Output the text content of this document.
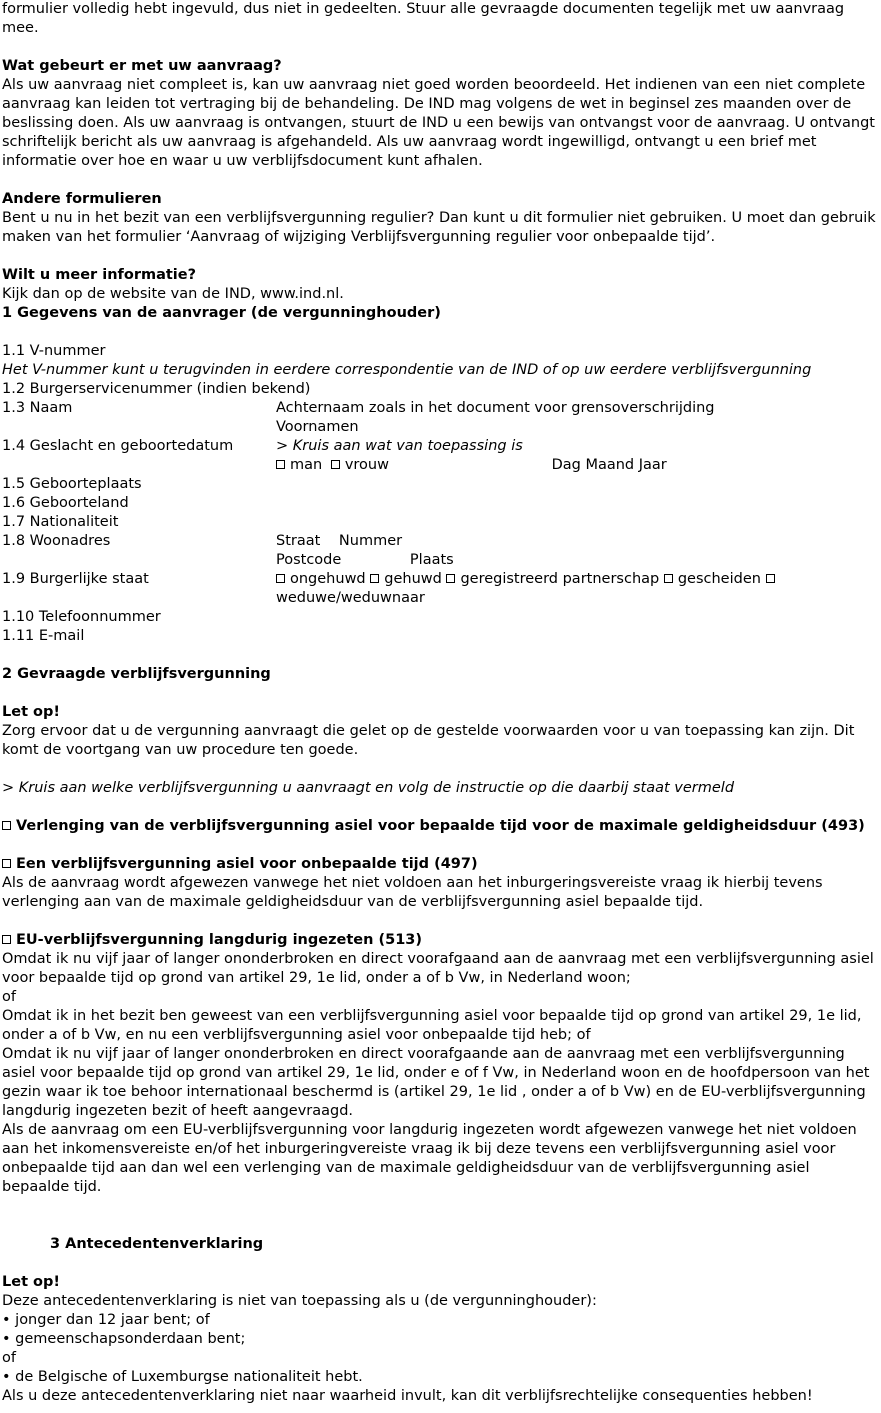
formulier volledig hebt ingevuld, dus niet in gedeelten. Stuur alle gevraagde documenten tegelijk met uw aanvraag mee.

Wat gebeurt er met uw aanvraag?

Als uw aanvraag niet compleet is, kan uw aanvraag niet goed worden beoordeeld. Het indienen van een niet complete aanvraag kan leiden tot vertraging bij de behandeling. De IND mag volgens de wet in beginsel zes maanden over de beslissing doen. Als uw aanvraag is ontvangen, stuurt de IND u een bewijs van ontvangst voor de aanvraag. U ontvangt schriftelijk bericht als uw aanvraag is afgehandeld. Als uw aanvraag wordt ingewilligd, ontvangt u een brief met informatie over hoe en waar u uw verblijfsdocument kunt afhalen.

Andere formulieren

Bent u nu in het bezit van een verblijfsvergunning regulier? Dan kunt u dit formulier niet gebruiken. U moet dan gebruik maken van het formulier ‘Aanvraag of wijziging Verblijfsvergunning regulier voor onbepaalde tijd’.

Wilt u meer informatie?

Kijk dan op de website van de IND, www.ind.nl.

1 Gegevens van de aanvrager (de vergunninghouder)

1.1 V-nummer

Het V-nummer kunt u terugvinden in eerdere correspondentie van de IND of op uw eerdere verblijfsvergunning

1.2 Burgerservicenummer (indien bekend)

1.3 Naam	Achternaam zoals in het document voor grensoverschrijding
Voornamen
1.4 Geslacht en geboortedatum	> Kruis aan wat van toepassing is
man vrouw	Dag Maand Jaar

1.5 Geboorteplaats

1.6 Geboorteland

1.7 Nationaliteit

1.8 Woonadres	Straat Nummer
Postcode	Plaats
1.9 Burgerlijke staat	ongehuwd gehuwd geregistreerd partnerschap gescheiden
weduwe/weduwnaar

1.10 Telefoonnummer

1.11 E-mail

2 Gevraagde verblijfsvergunning

Let op!

Zorg ervoor dat u de vergunning aanvraagt die gelet op de gestelde voorwaarden voor u van toepassing kan zijn. Dit komt de voortgang van uw procedure ten goede.

> Kruis aan welke verblijfsvergunning u aanvraagt en volg de instructie op die daarbij staat vermeld

Verlenging van de verblijfsvergunning asiel voor bepaalde tijd voor de maximale geldigheidsduur (493)

Een verblijfsvergunning asiel voor onbepaalde tijd (497)

Als de aanvraag wordt afgewezen vanwege het niet voldoen aan het inburgeringsvereiste vraag ik hierbij tevens verlenging aan van de maximale geldigheidsduur van de verblijfsvergunning asiel bepaalde tijd.

EU-verblijfsvergunning langdurig ingezeten (513)

Omdat ik nu vijf jaar of langer ononderbroken en direct voorafgaand aan de aanvraag met een verblijfsvergunning asiel voor bepaalde tijd op grond van artikel 29, 1e lid, onder a of b Vw, in Nederland woon;
of
Omdat ik in het bezit ben geweest van een verblijfsvergunning asiel voor bepaalde tijd op grond van artikel 29, 1e lid, onder a of b Vw, en nu een verblijfsvergunning asiel voor onbepaalde tijd heb; of
Omdat ik nu vijf jaar of langer ononderbroken en direct voorafgaande aan de aanvraag met een verblijfsvergunning asiel voor bepaalde tijd op grond van artikel 29, 1e lid, onder e of f Vw, in Nederland woon en de hoofdpersoon van het gezin waar ik toe behoor internationaal beschermd is (artikel 29, 1e lid , onder a of b Vw) en de EU-verblijfsvergunning langdurig ingezeten bezit of heeft aangevraagd.
Als de aanvraag om een EU-verblijfsvergunning voor langdurig ingezeten wordt afgewezen vanwege het niet voldoen aan het inkomensvereiste en/of het inburgeringvereiste vraag ik bij deze tevens een verblijfsvergunning asiel voor onbepaalde tijd aan dan wel een verlenging van de maximale geldigheidsduur van de verblijfsvergunning asiel bepaalde tijd.

3 Antecedentenverklaring

Let op!

Deze antecedentenverklaring is niet van toepassing als u (de vergunninghouder):

• jonger dan 12 jaar bent; of

• gemeenschapsonderdaan bent;

of

• de Belgische of Luxemburgse nationaliteit hebt.

Als u deze antecedentenverklaring niet naar waarheid invult, kan dit verblijfsrechtelijke consequenties hebben!
